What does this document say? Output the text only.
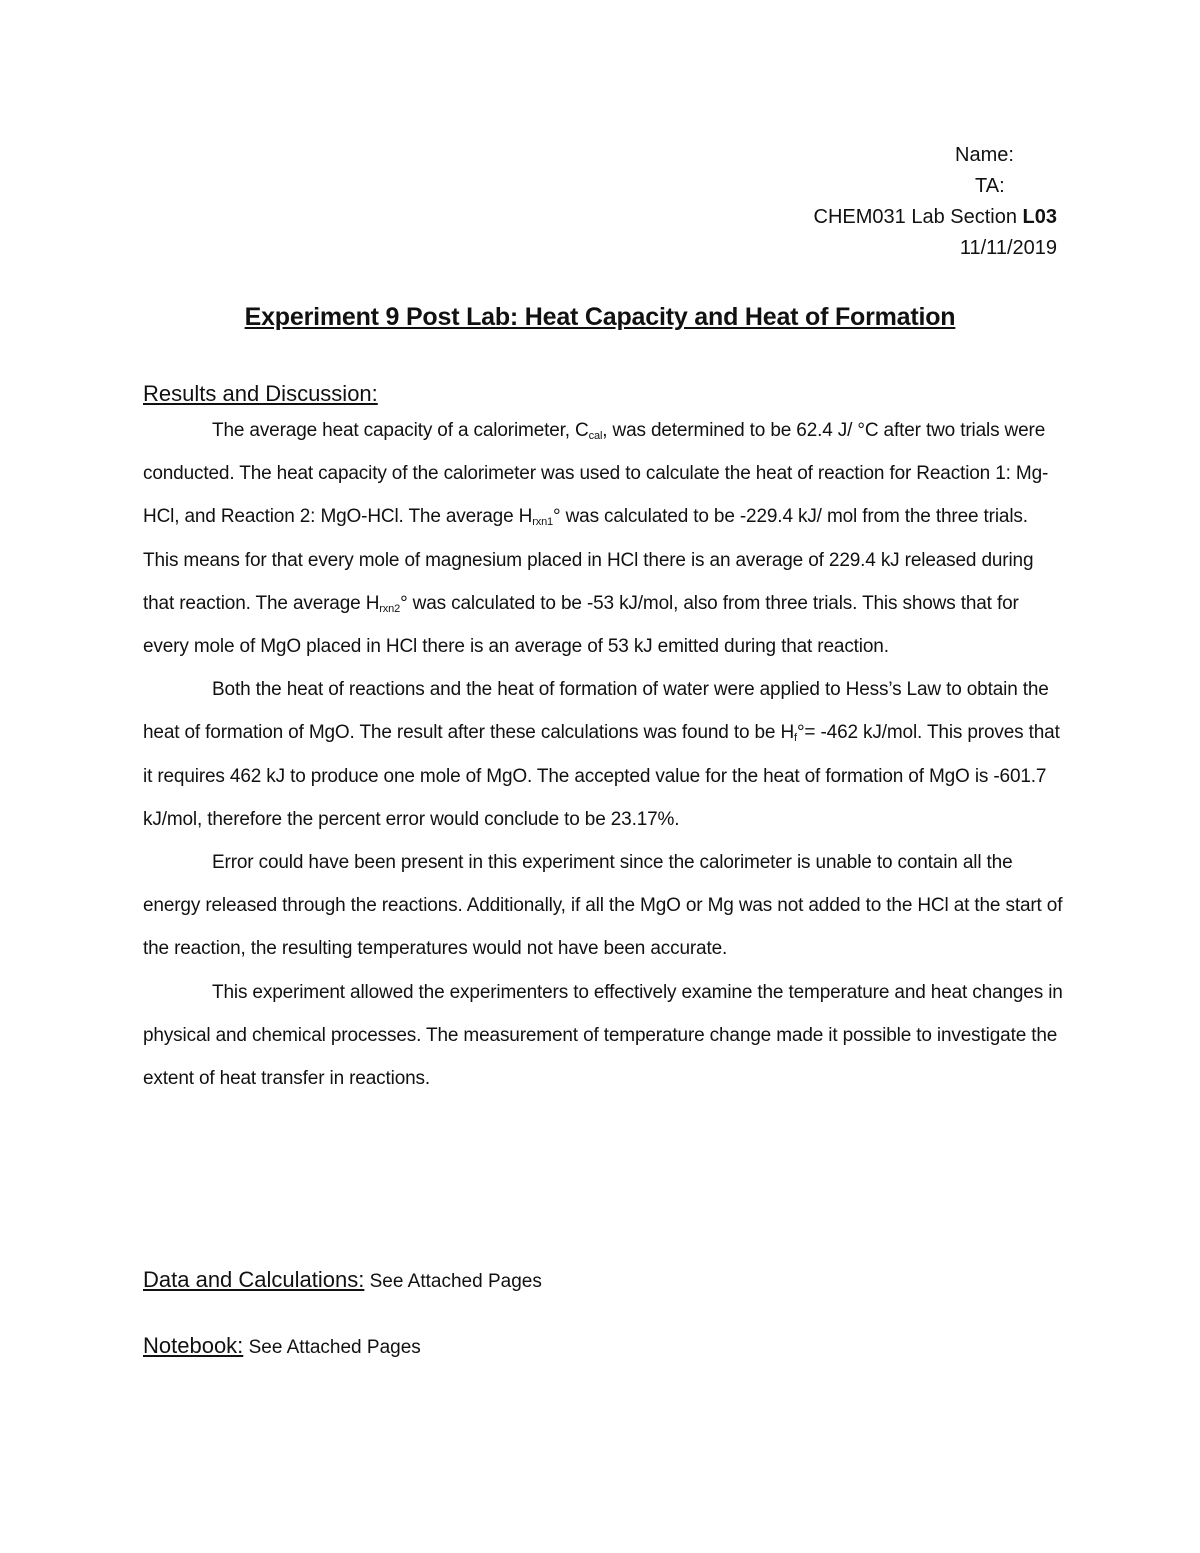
Name:
TA:
CHEM031 Lab Section L03
11/11/2019
Experiment 9 Post Lab: Heat Capacity and Heat of Formation
Results and Discussion:

The average heat capacity of a calorimeter, $C_{cal}$, was determined to be 62.4 J/ °C after two trials were conducted. The heat capacity of the calorimeter was used to calculate the heat of reaction for Reaction 1: Mg-HCl, and Reaction 2: MgO-HCl. The average $H_{rxn1}^\circ$ was calculated to be -229.4 kJ/ mol from the three trials. This means for that every mole of magnesium placed in HCl there is an average of 229.4 kJ released during that reaction. The average $H_{rxn2}^\circ$ was calculated to be -53 kJ/mol, also from three trials. This shows that for every mole of MgO placed in HCl there is an average of 53 kJ emitted during that reaction.

Both the heat of reactions and the heat of formation of water were applied to Hess’s Law to obtain the heat of formation of MgO. The result after these calculations was found to be $H_f^\circ= -462$ kJ/mol. This proves that it requires 462 kJ to produce one mole of MgO. The accepted value for the heat of formation of MgO is -601.7 kJ/mol, therefore the percent error would conclude to be 23.17%.

Error could have been present in this experiment since the calorimeter is unable to contain all the energy released through the reactions. Additionally, if all the MgO or Mg was not added to the HCl at the start of the reaction, the resulting temperatures would not have been accurate.

This experiment allowed the experimenters to effectively examine the temperature and heat changes in physical and chemical processes. The measurement of temperature change made it possible to investigate the extent of heat transfer in reactions.

Data and Calculations: See Attached Pages
Notebook: See Attached Pages
